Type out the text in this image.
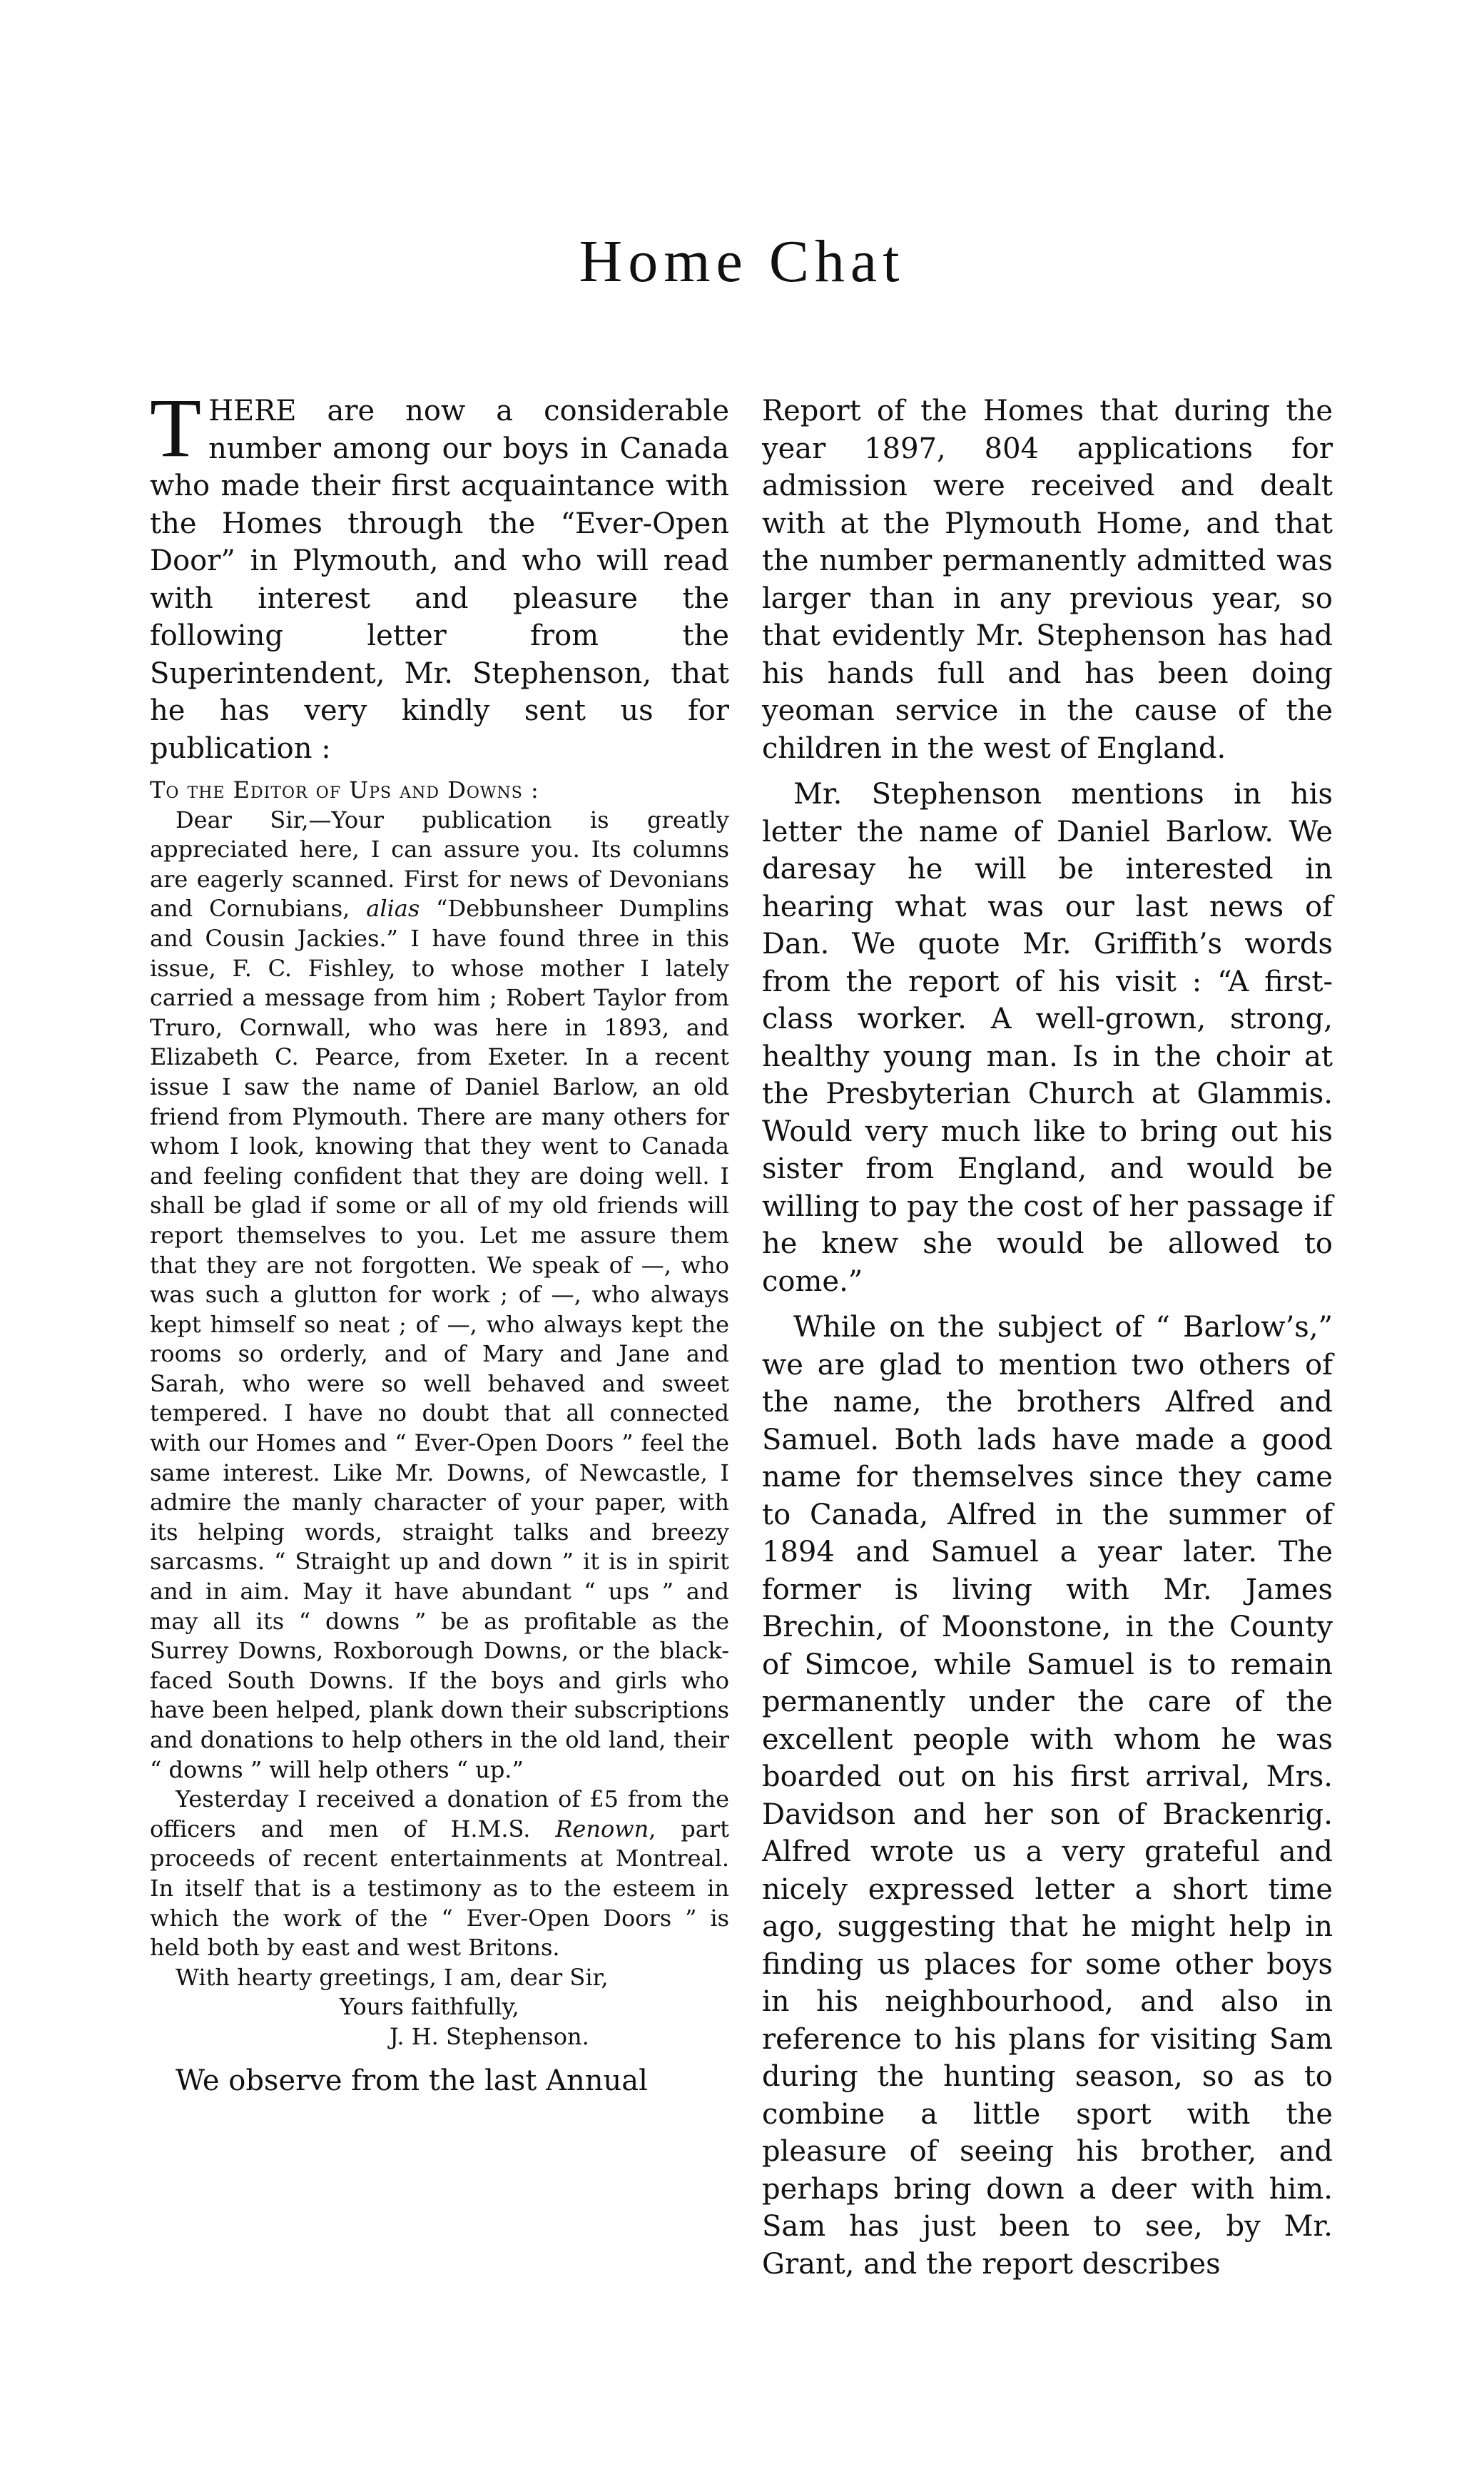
Home Chat

THERE are now a considerable number among our boys in Canada who made their first acquaintance with the Homes through the “Ever-Open Door” in Plymouth, and who will read with interest and pleasure the following letter from the Superintendent, Mr. Stephenson, that he has very kindly sent us for publication :

To the Editor of Ups and Downs :

Dear Sir,—Your publication is greatly appreciated here, I can assure you. Its columns are eagerly scanned. First for news of Devonians and Cornubians, alias “Debbunsheer Dumplins and Cousin Jackies.” I have found three in this issue, F. C. Fishley, to whose mother I lately carried a message from him ; Robert Taylor from Truro, Cornwall, who was here in 1893, and Elizabeth C. Pearce, from Exeter. In a recent issue I saw the name of Daniel Barlow, an old friend from Plymouth. There are many others for whom I look, knowing that they went to Canada and feeling confident that they are doing well. I shall be glad if some or all of my old friends will report themselves to you. Let me assure them that they are not forgotten. We speak of —, who was such a glutton for work ; of —, who always kept himself so neat ; of —, who always kept the rooms so orderly, and of Mary and Jane and Sarah, who were so well behaved and sweet tempered. I have no doubt that all connected with our Homes and “ Ever-Open Doors ” feel the same interest. Like Mr. Downs, of Newcastle, I admire the manly character of your paper, with its helping words, straight talks and breezy sarcasms. “ Straight up and down ” it is in spirit and in aim. May it have abundant “ ups ” and may all its “ downs ” be as profitable as the Surrey Downs, Roxborough Downs, or the black-faced South Downs. If the boys and girls who have been helped, plank down their subscriptions and donations to help others in the old land, their “ downs ” will help others “ up.”

Yesterday I received a donation of £5 from the officers and men of H.M.S. Renown, part proceeds of recent entertainments at Montreal. In itself that is a testimony as to the esteem in which the work of the “ Ever-Open Doors ” is held both by east and west Britons.

With hearty greetings, I am, dear Sir,

Yours faithfully,

J. H. Stephenson.

We observe from the last Annual

Report of the Homes that during the year 1897, 804 applications for admission were received and dealt with at the Plymouth Home, and that the number permanently admitted was larger than in any previous year, so that evidently Mr. Stephenson has had his hands full and has been doing yeoman service in the cause of the children in the west of England.

Mr. Stephenson mentions in his letter the name of Daniel Barlow. We daresay he will be interested in hearing what was our last news of Dan. We quote Mr. Griffith’s words from the report of his visit : “A first-class worker. A well-grown, strong, healthy young man. Is in the choir at the Presbyterian Church at Glammis. Would very much like to bring out his sister from England, and would be willing to pay the cost of her passage if he knew she would be allowed to come.”

While on the subject of “ Barlow’s,” we are glad to mention two others of the name, the brothers Alfred and Samuel. Both lads have made a good name for themselves since they came to Canada, Alfred in the summer of 1894 and Samuel a year later. The former is living with Mr. James Brechin, of Moonstone, in the County of Simcoe, while Samuel is to remain permanently under the care of the excellent people with whom he was boarded out on his first arrival, Mrs. Davidson and her son of Brackenrig. Alfred wrote us a very grateful and nicely expressed letter a short time ago, suggesting that he might help in finding us places for some other boys in his neighbourhood, and also in reference to his plans for visiting Sam during the hunting season, so as to combine a little sport with the pleasure of seeing his brother, and perhaps bring down a deer with him. Sam has just been to see, by Mr. Grant, and the report describes
